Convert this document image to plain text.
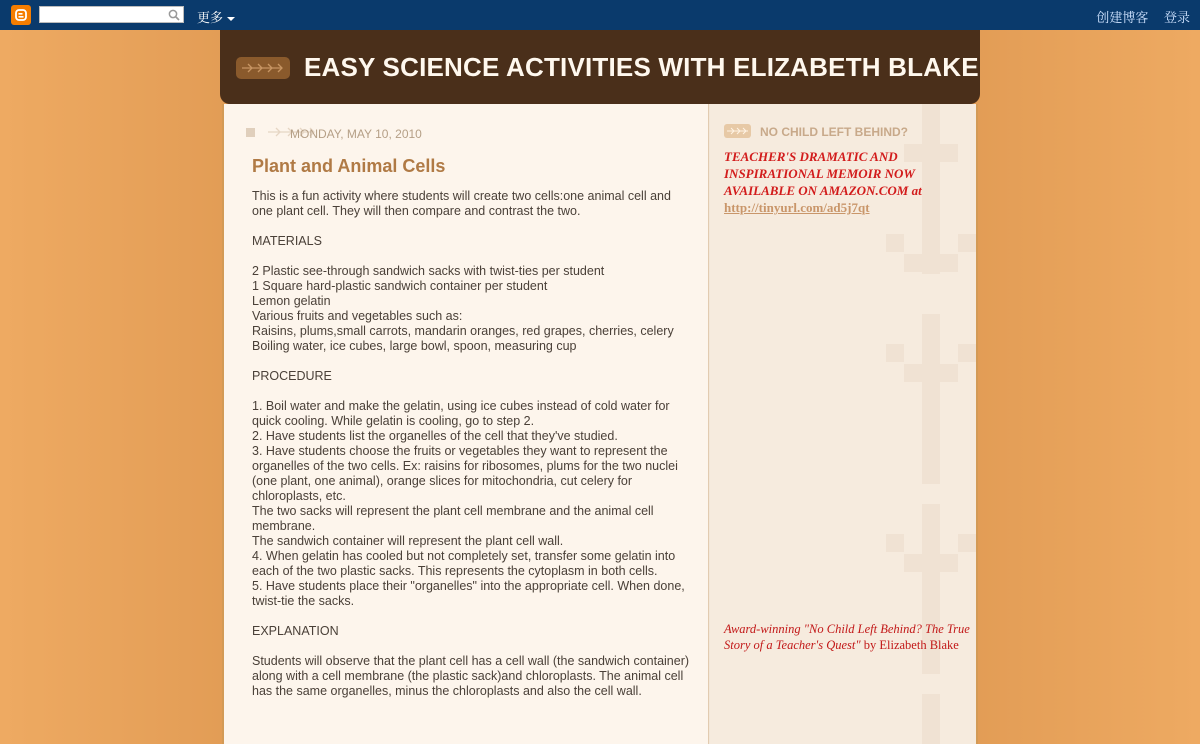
更多	创建博客 登录
EASY SCIENCE ACTIVITIES WITH ELIZABETH BLAKE
MONDAY, MAY 10, 2010
Plant and Animal Cells

This is a fun activity where students will create two cells:one animal cell and one plant cell. They will then compare and contrast the two.

MATERIALS

2 Plastic see-through sandwich sacks with twist-ties per student
1 Square hard-plastic sandwich container per student
Lemon gelatin
Various fruits and vegetables such as:
Raisins, plums,small carrots, mandarin oranges, red grapes, cherries, celery
Boiling water, ice cubes, large bowl, spoon, measuring cup

PROCEDURE

1. Boil water and make the gelatin, using ice cubes instead of cold water for quick cooling. While gelatin is cooling, go to step 2.
2. Have students list the organelles of the cell that they've studied.
3. Have students choose the fruits or vegetables they want to represent the organelles of the two cells. Ex: raisins for ribosomes, plums for the two nuclei (one plant, one animal), orange slices for mitochondria, cut celery for chloroplasts, etc.
The two sacks will represent the plant cell membrane and the animal cell membrane.
The sandwich container will represent the plant cell wall.
4. When gelatin has cooled but not completely set, transfer some gelatin into each of the two plastic sacks. This represents the cytoplasm in both cells.
5. Have students place their "organelles" into the appropriate cell. When done, twist-tie the sacks.

EXPLANATION

Students will observe that the plant cell has a cell wall (the sandwich container) along with a cell membrane (the plastic sack)and chloroplasts. The animal cell has the same organelles, minus the chloroplasts and also the cell wall.

NO CHILD LEFT BEHIND?
TEACHER'S DRAMATIC AND INSPIRATIONAL MEMOIR NOW AVAILABLE ON AMAZON.COM at
http://tinyurl.com/ad5j7qt
Award-winning "No Child Left Behind? The True Story of a Teacher's Quest" by Elizabeth Blake
